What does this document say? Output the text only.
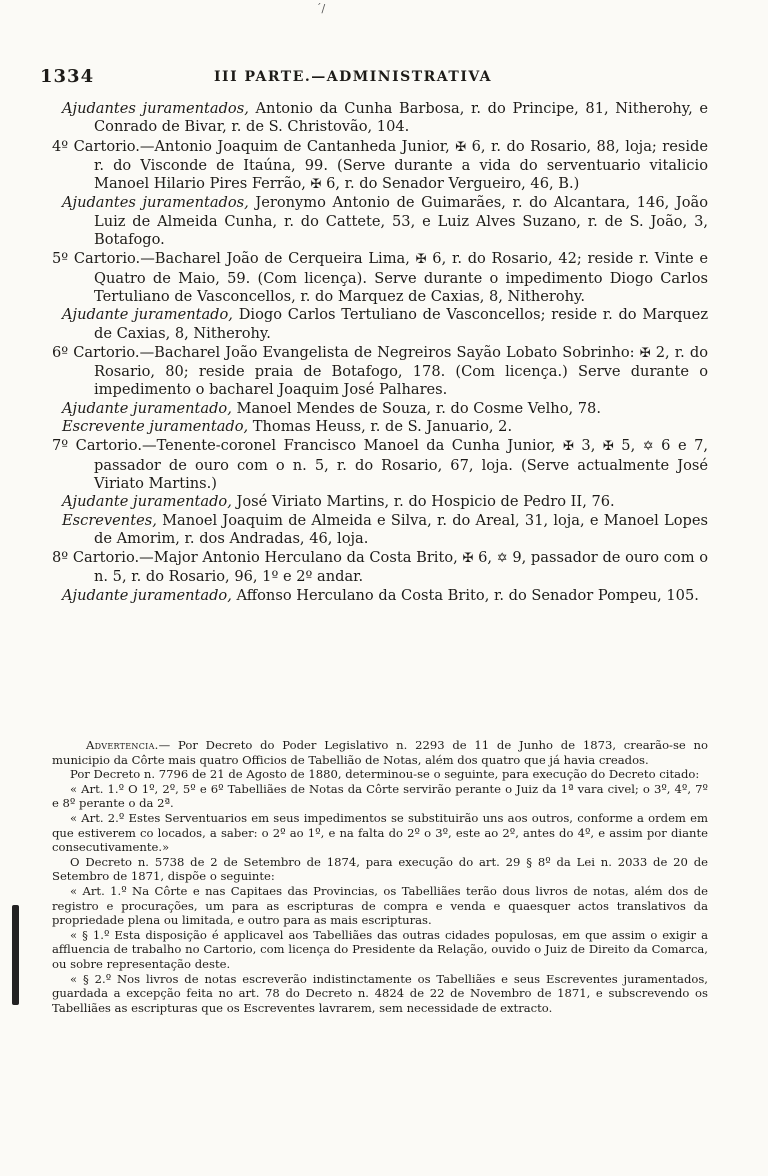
´/
1334	III PARTE.—ADMINISTRATIVA

Ajudantes juramentados, Antonio da Cunha Barbosa, r. do Principe, 81, Nitherohy, e Conrado de Bivar, r. de S. Christovão, 104.

4º Cartorio.—Antonio Joaquim de Cantanheda Junior, ✠ 6, r. do Rosario, 88, loja; reside r. do Visconde de Itaúna, 99. (Serve durante a vida do serventuario vitalicio Manoel Hilario Pires Ferrão, ✠ 6, r. do Senador Vergueiro, 46, B.)

Ajudantes juramentados, Jeronymo Antonio de Guimarães, r. do Alcantara, 146, João Luiz de Almeida Cunha, r. do Cattete, 53, e Luiz Alves Suzano, r. de S. João, 3, Botafogo.

5º Cartorio.—Bacharel João de Cerqueira Lima, ✠ 6, r. do Rosario, 42; reside r. Vinte e Quatro de Maio, 59. (Com licença). Serve durante o impedimento Diogo Carlos Tertuliano de Vasconcellos, r. do Marquez de Caxias, 8, Nitherohy.

Ajudante juramentado, Diogo Carlos Tertuliano de Vasconcellos; reside r. do Marquez de Caxias, 8, Nitherohy.

6º Cartorio.—Bacharel João Evangelista de Negreiros Sayão Lobato Sobrinho: ✠ 2, r. do Rosario, 80; reside praia de Botafogo, 178. (Com licença.) Serve durante o impedimento o bacharel Joaquim José Palhares.

Ajudante juramentado, Manoel Mendes de Souza, r. do Cosme Velho, 78.

Escrevente juramentado, Thomas Heuss, r. de S. Januario, 2.

7º Cartorio.—Tenente-coronel Francisco Manoel da Cunha Junior, ✠ 3, ✠ 5, ✡ 6 e 7, passador de ouro com o n. 5, r. do Rosario, 67, loja. (Serve actualmente José Viriato Martins.)

Ajudante juramentado, José Viriato Martins, r. do Hospicio de Pedro II, 76.

Escreventes, Manoel Joaquim de Almeida e Silva, r. do Areal, 31, loja, e Manoel Lopes de Amorim, r. dos Andradas, 46, loja.

8º Cartorio.—Major Antonio Herculano da Costa Brito, ✠ 6, ✡ 9, passador de ouro com o n. 5, r. do Rosario, 96, 1º e 2º andar.

Ajudante juramentado, Affonso Herculano da Costa Brito, r. do Senador Pompeu, 105.

Advertencia.— Por Decreto do Poder Legislativo n. 2293 de 11 de Junho de 1873, crearão-se no municipio da Côrte mais quatro Officios de Tabellião de Notas, além dos quatro que já havia creados.

Por Decreto n. 7796 de 21 de Agosto de 1880, determinou-se o seguinte, para execução do Decreto citado:

« Art. 1.º O 1º, 2º, 5º e 6º Tabelliães de Notas da Côrte servirão perante o Juiz da 1ª vara civel; o 3º, 4º, 7º e 8º perante o da 2ª.

« Art. 2.º Estes Serventuarios em seus impedimentos se substituirão uns aos outros, conforme a ordem em que estiverem co locados, a saber: o 2º ao 1º, e na falta do 2º o 3º, este ao 2º, antes do 4º, e assim por diante consecutivamente.»

O Decreto n. 5738 de 2 de Setembro de 1874, para execução do art. 29 § 8º da Lei n. 2033 de 20 de Setembro de 1871, dispõe o seguinte:

« Art. 1.º Na Côrte e nas Capitaes das Provincias, os Tabelliães terão dous livros de notas, além dos de registro e procurações, um para as escripturas de compra e venda e quaesquer actos translativos da propriedade plena ou limitada, e outro para as mais escripturas.

« § 1.º Esta disposição é applicavel aos Tabelliães das outras cidades populosas, em que assim o exigir a affluencia de trabalho no Cartorio, com licença do Presidente da Relação, ouvido o Juiz de Direito da Comarca, ou sobre representação deste.

« § 2.º Nos livros de notas escreverão indistinctamente os Tabelliães e seus Escreventes juramentados, guardada a excepção feita no art. 78 do Decreto n. 4824 de 22 de Novembro de 1871, e subscrevendo os Tabelliães as escripturas que os Escreventes lavrarem, sem necessidade de extracto.
